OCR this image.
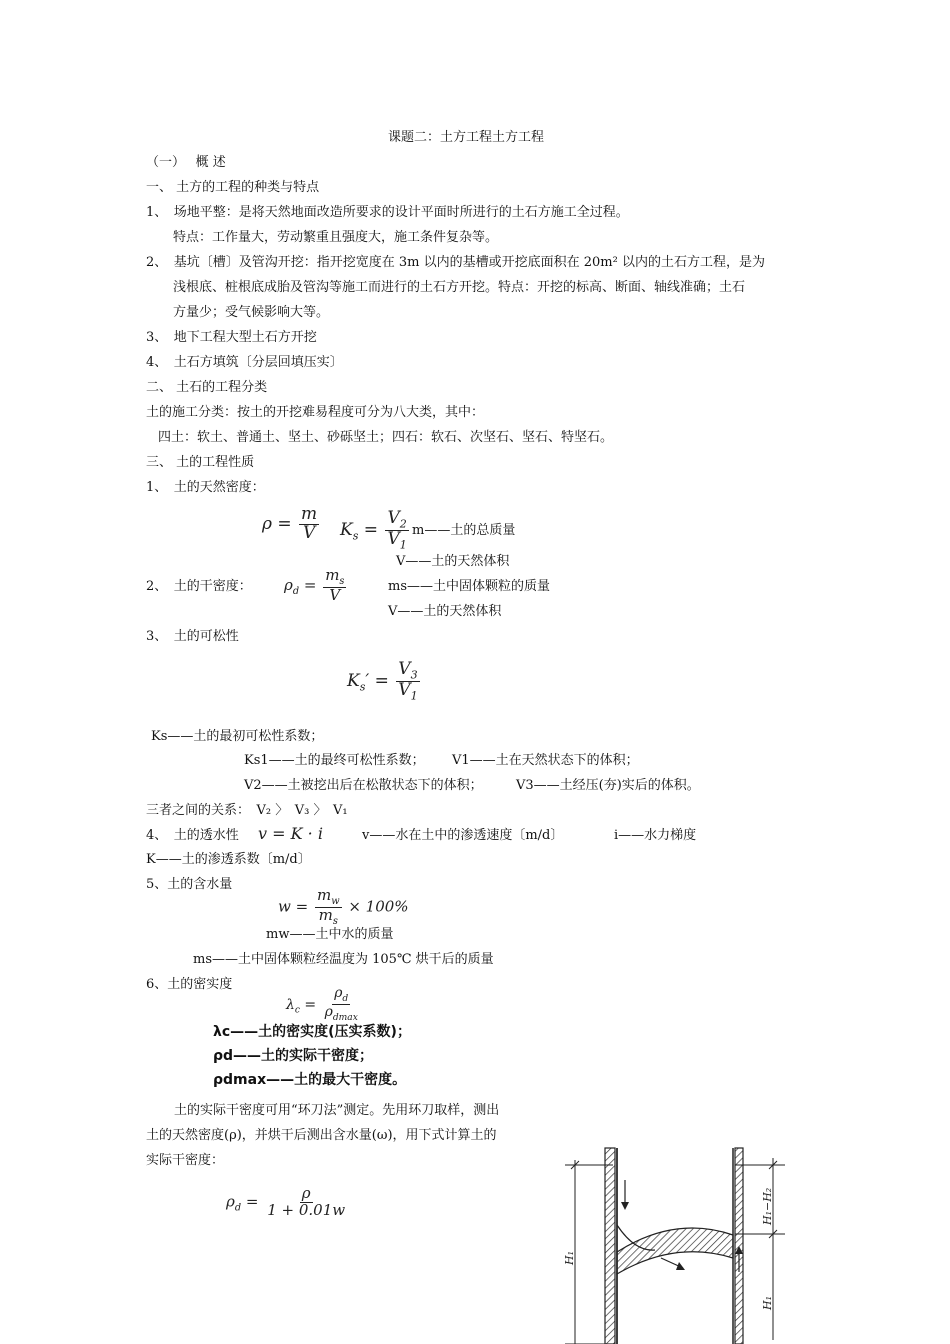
课题二：土方工程土方工程
（一）　 概 述
一、 土方的工程的种类与特点
1、　场地平整：是将天然地面改造所要求的设计平面时所进行的土石方施工全过程。
特点：工作量大，劳动繁重且强度大，施工条件复杂等。
2、　基坑〔槽〕及管沟开挖：指开挖宽度在 3m 以内的基槽或开挖底面积在 20m² 以内的土石方工程，是为
浅根底、桩根底成胎及管沟等施工而进行的土石方开挖。特点：开挖的标高、断面、轴线准确；土石
方量少；受气候影响大等。
3、　地下工程大型土石方开挖
4、　土石方填筑〔分层回填压实〕
二、 土石的工程分类
土的施工分类：按土的开挖难易程度可分为八大类，其中：
四土：软土、普通土、坚土、砂砾坚土；四石：软石、次坚石、坚石、特坚石。
三、 土的工程性质
1、　土的天然密度：
$\rho = \frac{m}{V} K_s = \frac{V_2}{V_1}$ m——土的总质量
V——土的天然体积
2、　土的干密度： $\rho_d = \frac{m_s}{V}$	ms——土中固体颗粒的质量
V——土的天然体积
3、　土的可松性
$K_s' = \frac{V_3}{V_1}$
Ks——土的最初可松性系数；
Ks1——土的最终可松性系数； V1——土在天然状态下的体积；
V2——土被挖出后在松散状态下的体积；	V3——土经压(夯)实后的体积。
三者之间的关系：　V₂ 〉　V₃ 〉　V₁
4、　土的透水性 v = K · i	v——水在土中的渗透速度〔m/d〕	i——水力梯度
K——土的渗透系数〔m/d〕
5、土的含水量
$w = \frac{m_w}{m_s} \times 100\%$
mw——土中水的质量
ms——土中固体颗粒经温度为 105℃ 烘干后的质量
6、土的密实度
$\lambda_c = \frac{\rho_d}{\rho_{dmax}}$
λc——土的密实度(压实系数)；
ρd——土的实际干密度；
ρdmax——土的最大干密度。
土的实际干密度可用“环刀法”测定。先用环刀取样，测出
土的天然密度(ρ)，并烘干后测出含水量(ω)，用下式计算土的
实际干密度：
$\rho_d = \frac{\rho}{1 + 0.01w}$
H₁
H₁−H₂
H₁
